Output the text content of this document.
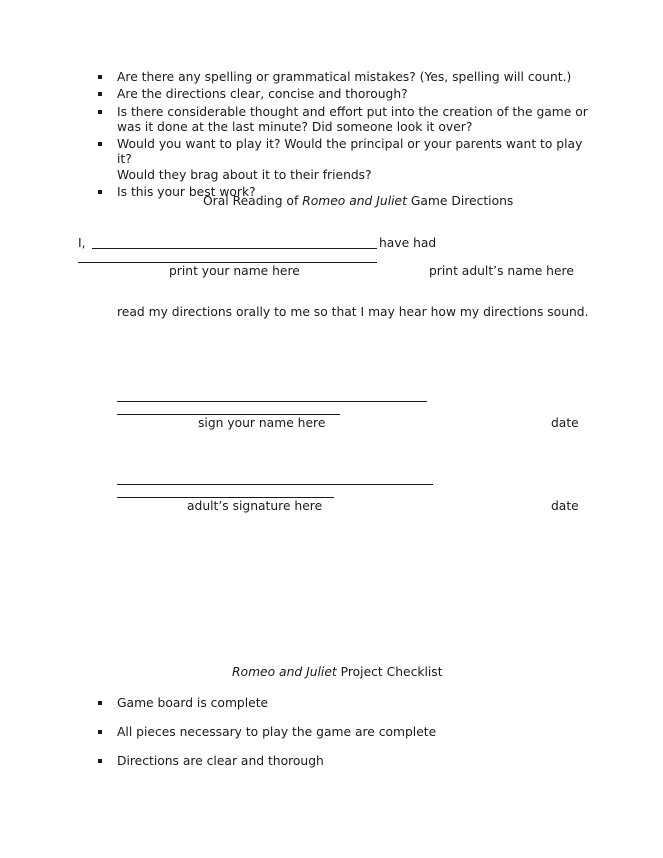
Are there any spelling or grammatical mistakes? (Yes, spelling will count.)
Are the directions clear, concise and thorough?
Is there considerable thought and effort put into the creation of the game or
was it done at the last minute? Did someone look it over?
Would you want to play it? Would the principal or your parents want to play it?
Would they brag about it to their friends?
Is this your best work?
Oral Reading of Romeo and Juliet Game Directions
I,	have had
print your name here	print adult’s name here
read my directions orally to me so that I may hear how my directions sound.
sign your name here	date
adult’s signature here	date
Romeo and Juliet Project Checklist
Game board is complete
All pieces necessary to play the game are complete
Directions are clear and thorough
